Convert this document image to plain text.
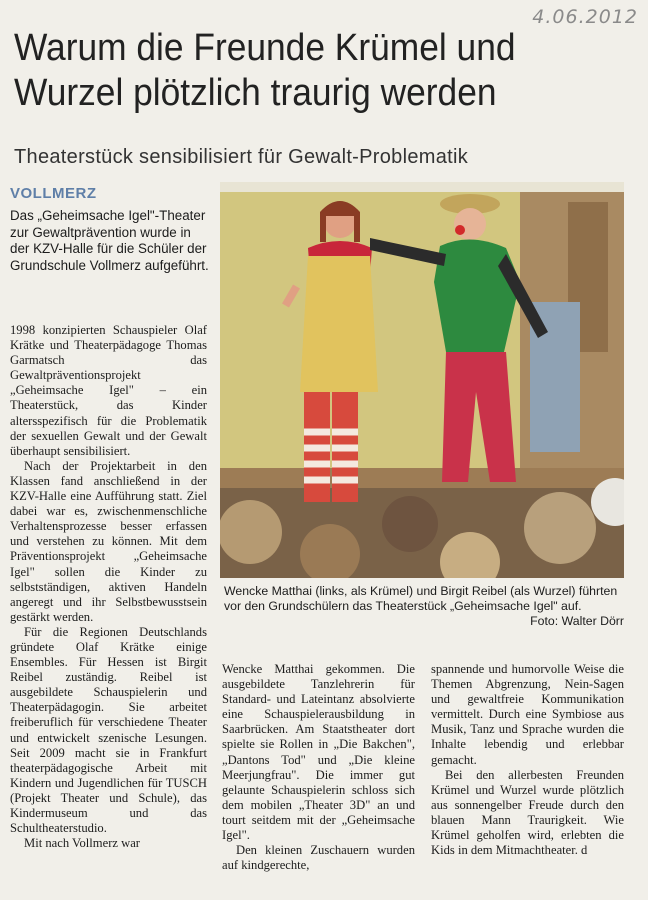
4.06.2012
Warum die Freunde Krümel und Wurzel plötzlich traurig werden
Theaterstück sensibilisiert für Gewalt-Problematik
VOLLMERZ

Das „Geheimsache Igel"-Theater zur Gewaltprävention wurde in der KZV-Halle für die Schüler der Grundschule Vollmerz aufgeführt.

1998 konzipierten Schauspieler Olaf Krätke und Theaterpädagoge Thomas Garmatsch das Gewaltpräventionsprojekt „Geheimsache Igel" – ein Theaterstück, das Kinder altersspezifisch für die Problematik der sexuellen Gewalt und der Gewalt überhaupt sensibilisiert.

Nach der Projektarbeit in den Klassen fand anschließend in der KZV-Halle eine Aufführung statt. Ziel dabei war es, zwischenmenschliche Verhaltensprozesse besser erfassen und verstehen zu können. Mit dem Präventionsprojekt „Geheimsache Igel" sollen die Kinder zu selbstständigen, aktiven Handeln angeregt und ihr Selbstbewusstsein gestärkt werden.

Für die Regionen Deutschlands gründete Olaf Krätke einige Ensembles. Für Hessen ist Birgit Reibel zuständig. Reibel ist ausgebildete Schauspielerin und Theaterpädagogin. Sie arbeitet freiberuflich für verschiedene Theater und entwickelt szenische Lesungen. Seit 2009 macht sie in Frankfurt theaterpädagogische Arbeit mit Kindern und Jugendlichen für TUSCH (Projekt Theater und Schule), das Kindermuseum und das Schultheaterstudio.

Mit nach Vollmerz war

Wencke Matthai (links, als Krümel) und Birgit Reibel (als Wurzel) führten vor den Grundschülern das Theaterstück „Geheimsache Igel" auf.
Foto: Walter Dörr

Wencke Matthai gekommen. Die ausgebildete Tanzlehrerin für Standard- und Lateintanz absolvierte eine Schauspielerausbildung in Saarbrücken. Am Staatstheater dort spielte sie Rollen in „Die Bakchen", „Dantons Tod" und „Die kleine Meerjungfrau". Die immer gut gelaunte Schauspielerin schloss sich dem mobilen „Theater 3D" an und tourt seitdem mit der „Geheimsache Igel".

Den kleinen Zuschauern wurden auf kindgerechte,

spannende und humorvolle Weise die Themen Abgrenzung, Nein-Sagen und gewaltfreie Kommunikation vermittelt. Durch eine Symbiose aus Musik, Tanz und Sprache wurden die Inhalte lebendig und erlebbar gemacht.

Bei den allerbesten Freunden Krümel und Wurzel wurde plötzlich aus sonnengelber Freude durch den blauen Mann Traurigkeit. Wie Krümel geholfen wird, erlebten die Kids in dem Mitmachtheater. d
